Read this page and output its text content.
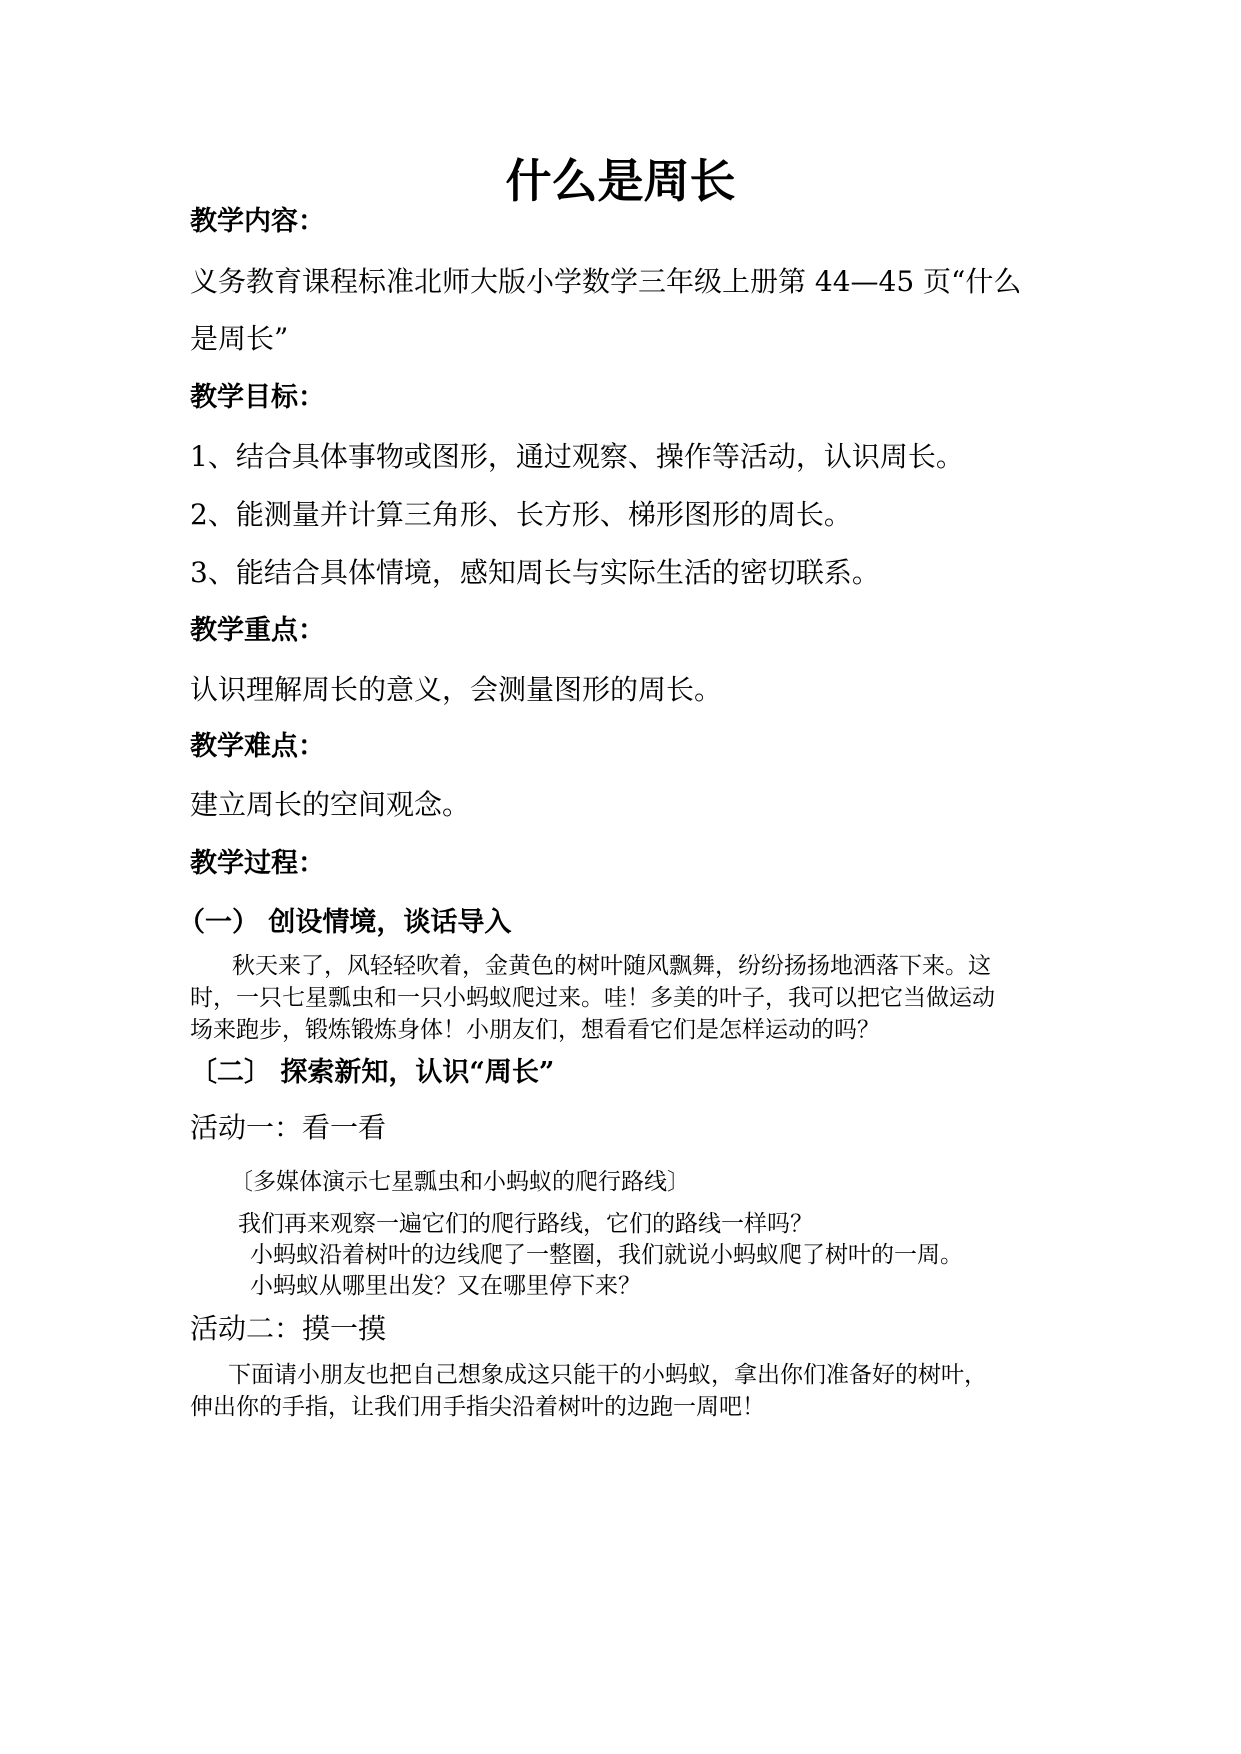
什么是周长
教学内容：
义务教育课程标准北师大版小学数学三年级上册第 44—45 页“什么
是周长”
教学目标：
1、结合具体事物或图形，通过观察、操作等活动，认识周长。
2、能测量并计算三角形、长方形、梯形图形的周长。
3、能结合具体情境，感知周长与实际生活的密切联系。
教学重点：
认识理解周长的意义，会测量图形的周长。
教学难点：
建立周长的空间观念。
教学过程：
（一） 创设情境，谈话导入
秋天来了，风轻轻吹着，金黄色的树叶随风飘舞，纷纷扬扬地洒落下来。这
时，一只七星瓢虫和一只小蚂蚁爬过来。哇！多美的叶子，我可以把它当做运动
场来跑步，锻炼锻炼身体！小朋友们，想看看它们是怎样运动的吗？
〔二〕 探索新知，认识“周长”
活动一：看一看
〔多媒体演示七星瓢虫和小蚂蚁的爬行路线〕
我们再来观察一遍它们的爬行路线，它们的路线一样吗？
小蚂蚁沿着树叶的边线爬了一整圈，我们就说小蚂蚁爬了树叶的一周。
小蚂蚁从哪里出发？又在哪里停下来？
活动二：摸一摸
下面请小朋友也把自己想象成这只能干的小蚂蚁，拿出你们准备好的树叶，
伸出你的手指，让我们用手指尖沿着树叶的边跑一周吧！
